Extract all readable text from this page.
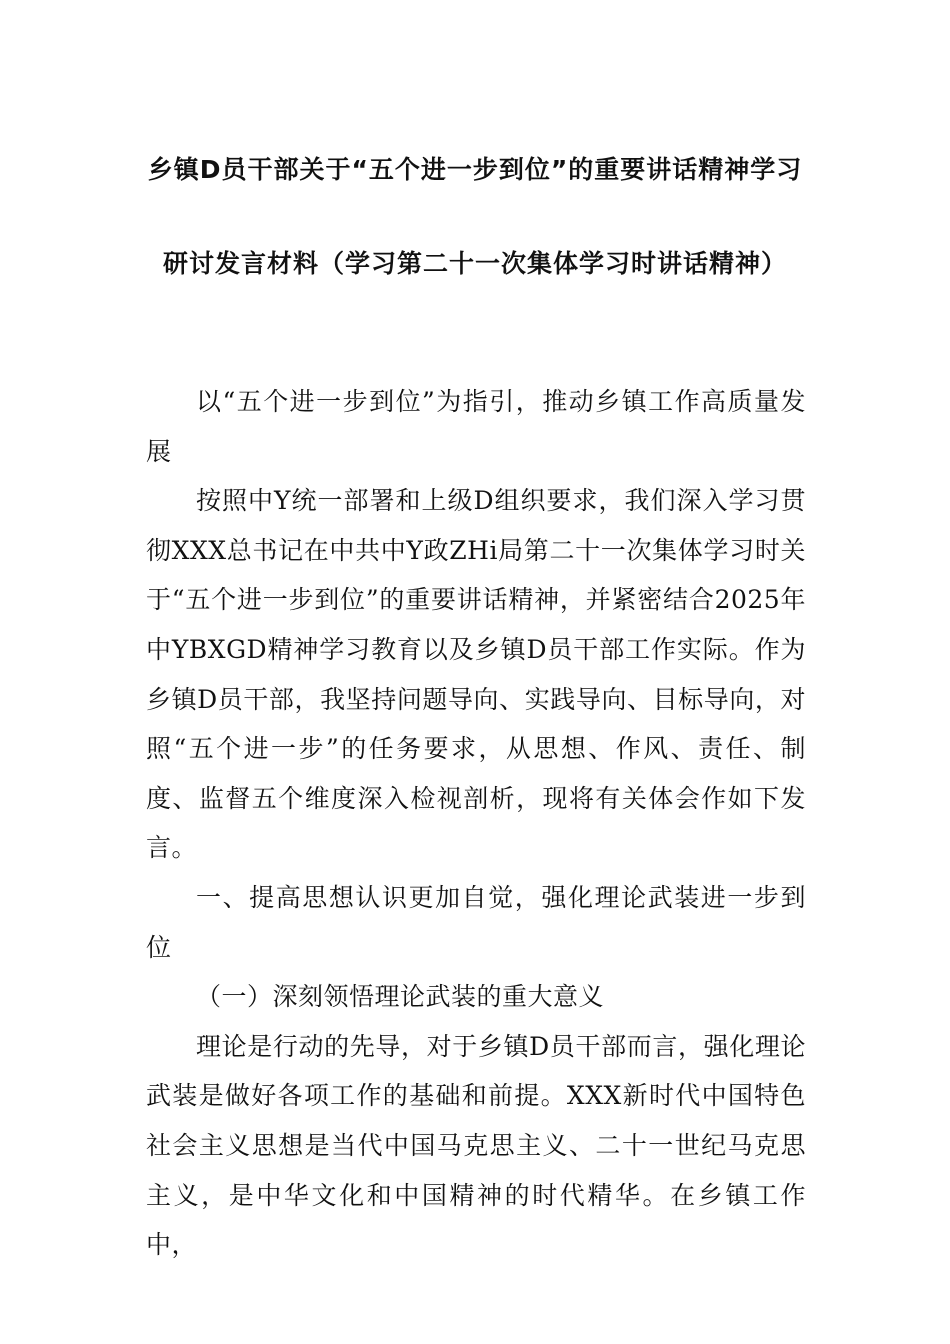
乡镇D员干部关于“五个进一步到位”的重要讲话精神学习
研讨发言材料（学习第二十一次集体学习时讲话精神）

以“五个进一步到位”为指引，推动乡镇工作高质量发展

按照中Y统一部署和上级D组织要求，我们深入学习贯彻XXX总书记在中共中Y政ZHi局第二十一次集体学习时关于“五个进一步到位”的重要讲话精神，并紧密结合2025年中YBXGD精神学习教育以及乡镇D员干部工作实际。作为乡镇D员干部，我坚持问题导向、实践导向、目标导向，对照“五个进一步”的任务要求，从思想、作风、责任、制度、监督五个维度深入检视剖析，现将有关体会作如下发言。

一、提高思想认识更加自觉，强化理论武装进一步到位

（一）深刻领悟理论武装的重大意义

理论是行动的先导，对于乡镇D员干部而言，强化理论武装是做好各项工作的基础和前提。XXX新时代中国特色社会主义思想是当代中国马克思主义、二十一世纪马克思主义，是中华文化和中国精神的时代精华。在乡镇工作中，
